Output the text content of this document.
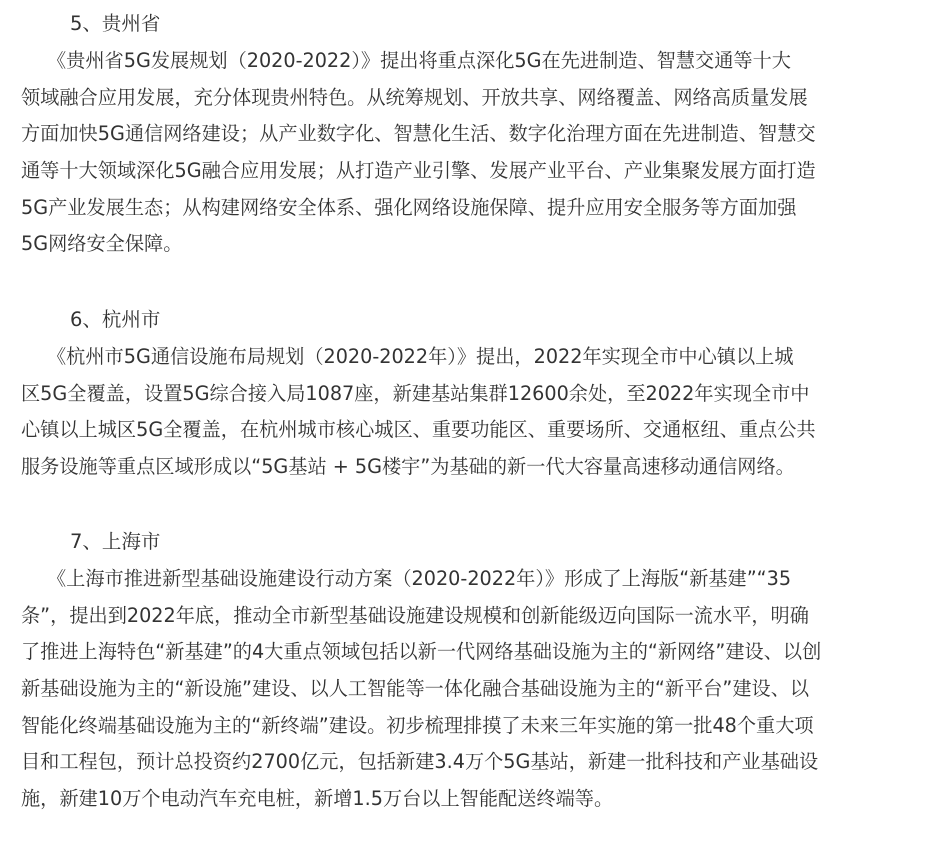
5、贵州省
《贵州省5G发展规划（2020-2022）》提出将重点深化5G在先进制造、智慧交通等十大
领域融合应用发展，充分体现贵州特色。从统筹规划、开放共享、网络覆盖、网络高质量发展
方面加快5G通信网络建设；从产业数字化、智慧化生活、数字化治理方面在先进制造、智慧交
通等十大领域深化5G融合应用发展；从打造产业引擎、发展产业平台、产业集聚发展方面打造
5G产业发展生态；从构建网络安全体系、强化网络设施保障、提升应用安全服务等方面加强
5G网络安全保障。
6、杭州市
《杭州市5G通信设施布局规划（2020-2022年）》提出，2022年实现全市中心镇以上城
区5G全覆盖，设置5G综合接入局1087座，新建基站集群12600余处，至2022年实现全市中
心镇以上城区5G全覆盖，在杭州城市核心城区、重要功能区、重要场所、交通枢纽、重点公共
服务设施等重点区域形成以“5G基站 + 5G楼宇”为基础的新一代大容量高速移动通信网络。
7、上海市
《上海市推进新型基础设施建设行动方案（2020-2022年）》形成了上海版“新基建”“35
条”，提出到2022年底，推动全市新型基础设施建设规模和创新能级迈向国际一流水平，明确
了推进上海特色“新基建”的4大重点领域包括以新一代网络基础设施为主的“新网络”建设、以创
新基础设施为主的“新设施”建设、以人工智能等一体化融合基础设施为主的“新平台”建设、以
智能化终端基础设施为主的“新终端”建设。初步梳理排摸了未来三年实施的第一批48个重大项
目和工程包，预计总投资约2700亿元，包括新建3.4万个5G基站，新建一批科技和产业基础设
施，新建10万个电动汽车充电桩，新增1.5万台以上智能配送终端等。
